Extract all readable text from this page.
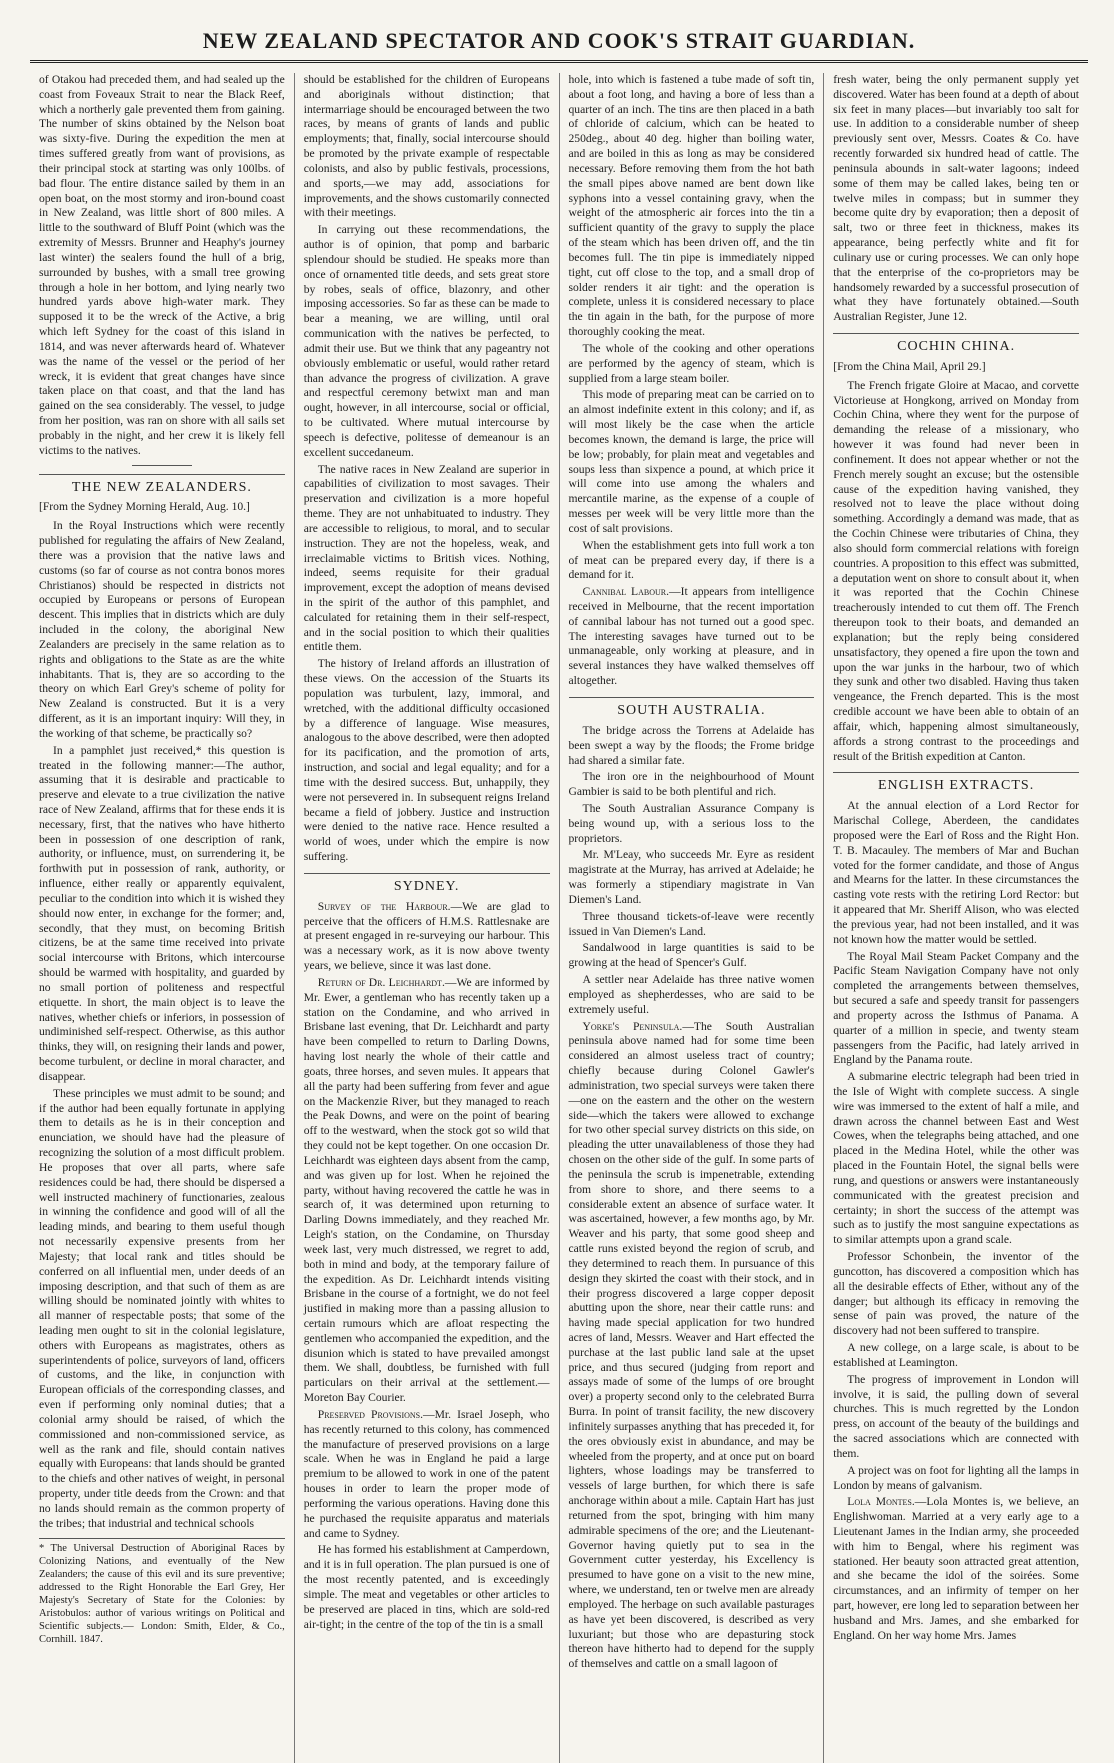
NEW ZEALAND SPECTATOR AND COOK'S STRAIT GUARDIAN.

of Otakou had preceded them, and had sealed up the coast from Foveaux Strait to near the Black Reef, which a northerly gale prevented them from gaining. The number of skins obtained by the Nelson boat was sixty-five. During the expedition the men at times suffered greatly from want of provisions, as their principal stock at starting was only 100lbs. of bad flour. The entire distance sailed by them in an open boat, on the most stormy and iron-bound coast in New Zealand, was little short of 800 miles. A little to the southward of Bluff Point (which was the extremity of Messrs. Brunner and Heaphy's journey last winter) the sealers found the hull of a brig, surrounded by bushes, with a small tree growing through a hole in her bottom, and lying nearly two hundred yards above high-water mark. They supposed it to be the wreck of the Active, a brig which left Sydney for the coast of this island in 1814, and was never afterwards heard of. Whatever was the name of the vessel or the period of her wreck, it is evident that great changes have since taken place on that coast, and that the land has gained on the sea considerably. The vessel, to judge from her position, was ran on shore with all sails set probably in the night, and her crew it is likely fell victims to the natives.

THE NEW ZEALANDERS.

[From the Sydney Morning Herald, Aug. 10.]

In the Royal Instructions which were recently published for regulating the affairs of New Zealand, there was a provision that the native laws and customs (so far of course as not contra bonos mores Christianos) should be respected in districts not occupied by Europeans or persons of European descent. This implies that in districts which are duly included in the colony, the aboriginal New Zealanders are precisely in the same relation as to rights and obligations to the State as are the white inhabitants. That is, they are so according to the theory on which Earl Grey's scheme of polity for New Zealand is constructed. But it is a very different, as it is an important inquiry: Will they, in the working of that scheme, be practically so?

In a pamphlet just received,* this question is treated in the following manner:—The author, assuming that it is desirable and practicable to preserve and elevate to a true civilization the native race of New Zealand, affirms that for these ends it is necessary, first, that the natives who have hitherto been in possession of one description of rank, authority, or influence, must, on surrendering it, be forthwith put in possession of rank, authority, or influence, either really or apparently equivalent, peculiar to the condition into which it is wished they should now enter, in exchange for the former; and, secondly, that they must, on becoming British citizens, be at the same time received into private social intercourse with Britons, which intercourse should be warmed with hospitality, and guarded by no small portion of politeness and respectful etiquette. In short, the main object is to leave the natives, whether chiefs or inferiors, in possession of undiminished self-respect. Otherwise, as this author thinks, they will, on resigning their lands and power, become turbulent, or decline in moral character, and disappear.

These principles we must admit to be sound; and if the author had been equally fortunate in applying them to details as he is in their conception and enunciation, we should have had the pleasure of recognizing the solution of a most difficult problem. He proposes that over all parts, where safe residences could be had, there should be dispersed a well instructed machinery of functionaries, zealous in winning the confidence and good will of all the leading minds, and bearing to them useful though not necessarily expensive presents from her Majesty; that local rank and titles should be conferred on all influential men, under deeds of an imposing description, and that such of them as are willing should be nominated jointly with whites to all manner of respectable posts; that some of the leading men ought to sit in the colonial legislature, others with Europeans as magistrates, others as superintendents of police, surveyors of land, officers of customs, and the like, in conjunction with European officials of the corresponding classes, and even if performing only nominal duties; that a colonial army should be raised, of which the commissioned and non-commissioned service, as well as the rank and file, should contain natives equally with Europeans: that lands should be granted to the chiefs and other natives of weight, in personal property, under title deeds from the Crown: and that no lands should remain as the common property of the tribes; that industrial and technical schools

* The Universal Destruction of Aboriginal Races by Colonizing Nations, and eventually of the New Zealanders; the cause of this evil and its sure preventive; addressed to the Right Honorable the Earl Grey, Her Majesty's Secretary of State for the Colonies: by Aristobulos: author of various writings on Political and Scientific subjects.— London: Smith, Elder, & Co., Cornhill. 1847.

should be established for the children of Europeans and aboriginals without distinction; that intermarriage should be encouraged between the two races, by means of grants of lands and public employments; that, finally, social intercourse should be promoted by the private example of respectable colonists, and also by public festivals, processions, and sports,—we may add, associations for improvements, and the shows customarily connected with their meetings.

In carrying out these recommendations, the author is of opinion, that pomp and barbaric splendour should be studied. He speaks more than once of ornamented title deeds, and sets great store by robes, seals of office, blazonry, and other imposing accessories. So far as these can be made to bear a meaning, we are willing, until oral communication with the natives be perfected, to admit their use. But we think that any pageantry not obviously emblematic or useful, would rather retard than advance the progress of civilization. A grave and respectful ceremony betwixt man and man ought, however, in all intercourse, social or official, to be cultivated. Where mutual intercourse by speech is defective, politesse of demeanour is an excellent succedaneum.

The native races in New Zealand are superior in capabilities of civilization to most savages. Their preservation and civilization is a more hopeful theme. They are not unhabituated to industry. They are accessible to religious, to moral, and to secular instruction. They are not the hopeless, weak, and irreclaimable victims to British vices. Nothing, indeed, seems requisite for their gradual improvement, except the adoption of means devised in the spirit of the author of this pamphlet, and calculated for retaining them in their self-respect, and in the social position to which their qualities entitle them.

The history of Ireland affords an illustration of these views. On the accession of the Stuarts its population was turbulent, lazy, immoral, and wretched, with the additional difficulty occasioned by a difference of language. Wise measures, analogous to the above described, were then adopted for its pacification, and the promotion of arts, instruction, and social and legal equality; and for a time with the desired success. But, unhappily, they were not persevered in. In subsequent reigns Ireland became a field of jobbery. Justice and instruction were denied to the native race. Hence resulted a world of woes, under which the empire is now suffering.

SYDNEY.

Survey of the Harbour.—We are glad to perceive that the officers of H.M.S. Rattlesnake are at present engaged in re-surveying our harbour. This was a necessary work, as it is now above twenty years, we believe, since it was last done.

Return of Dr. Leichhardt.—We are informed by Mr. Ewer, a gentleman who has recently taken up a station on the Condamine, and who arrived in Brisbane last evening, that Dr. Leichhardt and party have been compelled to return to Darling Downs, having lost nearly the whole of their cattle and goats, three horses, and seven mules. It appears that all the party had been suffering from fever and ague on the Mackenzie River, but they managed to reach the Peak Downs, and were on the point of bearing off to the westward, when the stock got so wild that they could not be kept together. On one occasion Dr. Leichhardt was eighteen days absent from the camp, and was given up for lost. When he rejoined the party, without having recovered the cattle he was in search of, it was determined upon returning to Darling Downs immediately, and they reached Mr. Leigh's station, on the Condamine, on Thursday week last, very much distressed, we regret to add, both in mind and body, at the temporary failure of the expedition. As Dr. Leichhardt intends visiting Brisbane in the course of a fortnight, we do not feel justified in making more than a passing allusion to certain rumours which are afloat respecting the gentlemen who accompanied the expedition, and the disunion which is stated to have prevailed amongst them. We shall, doubtless, be furnished with full particulars on their arrival at the settlement.—Moreton Bay Courier.

Preserved Provisions.—Mr. Israel Joseph, who has recently returned to this colony, has commenced the manufacture of preserved provisions on a large scale. When he was in England he paid a large premium to be allowed to work in one of the patent houses in order to learn the proper mode of performing the various operations. Having done this he purchased the requisite apparatus and materials and came to Sydney.

He has formed his establishment at Camperdown, and it is in full operation. The plan pursued is one of the most recently patented, and is exceedingly simple. The meat and vegetables or other articles to be preserved are placed in tins, which are sold-red air-tight; in the centre of the top of the tin is a small

hole, into which is fastened a tube made of soft tin, about a foot long, and having a bore of less than a quarter of an inch. The tins are then placed in a bath of chloride of calcium, which can be heated to 250deg., about 40 deg. higher than boiling water, and are boiled in this as long as may be considered necessary. Before removing them from the hot bath the small pipes above named are bent down like syphons into a vessel containing gravy, when the weight of the atmospheric air forces into the tin a sufficient quantity of the gravy to supply the place of the steam which has been driven off, and the tin becomes full. The tin pipe is immediately nipped tight, cut off close to the top, and a small drop of solder renders it air tight: and the operation is complete, unless it is considered necessary to place the tin again in the bath, for the purpose of more thoroughly cooking the meat.

The whole of the cooking and other operations are performed by the agency of steam, which is supplied from a large steam boiler.

This mode of preparing meat can be carried on to an almost indefinite extent in this colony; and if, as will most likely be the case when the article becomes known, the demand is large, the price will be low; probably, for plain meat and vegetables and soups less than sixpence a pound, at which price it will come into use among the whalers and mercantile marine, as the expense of a couple of messes per week will be very little more than the cost of salt provisions.

When the establishment gets into full work a ton of meat can be prepared every day, if there is a demand for it.

Cannibal Labour.—It appears from intelligence received in Melbourne, that the recent importation of cannibal labour has not turned out a good spec. The interesting savages have turned out to be unmanageable, only working at pleasure, and in several instances they have walked themselves off altogether.

SOUTH AUSTRALIA.

The bridge across the Torrens at Adelaide has been swept a way by the floods; the Frome bridge had shared a similar fate.

The iron ore in the neighbourhood of Mount Gambier is said to be both plentiful and rich.

The South Australian Assurance Company is being wound up, with a serious loss to the proprietors.

Mr. M'Leay, who succeeds Mr. Eyre as resident magistrate at the Murray, has arrived at Adelaide; he was formerly a stipendiary magistrate in Van Diemen's Land.

Three thousand tickets-of-leave were recently issued in Van Diemen's Land.

Sandalwood in large quantities is said to be growing at the head of Spencer's Gulf.

A settler near Adelaide has three native women employed as shepherdesses, who are said to be extremely useful.

Yorke's Peninsula.—The South Australian peninsula above named had for some time been considered an almost useless tract of country; chiefly because during Colonel Gawler's administration, two special surveys were taken there—one on the eastern and the other on the western side—which the takers were allowed to exchange for two other special survey districts on this side, on pleading the utter unavailableness of those they had chosen on the other side of the gulf. In some parts of the peninsula the scrub is impenetrable, extending from shore to shore, and there seems to a considerable extent an absence of surface water. It was ascertained, however, a few months ago, by Mr. Weaver and his party, that some good sheep and cattle runs existed beyond the region of scrub, and they determined to reach them. In pursuance of this design they skirted the coast with their stock, and in their progress discovered a large copper deposit abutting upon the shore, near their cattle runs: and having made special application for two hundred acres of land, Messrs. Weaver and Hart effected the purchase at the last public land sale at the upset price, and thus secured (judging from report and assays made of some of the lumps of ore brought over) a property second only to the celebrated Burra Burra. In point of transit facility, the new discovery infinitely surpasses anything that has preceded it, for the ores obviously exist in abundance, and may be wheeled from the property, and at once put on board lighters, whose loadings may be transferred to vessels of large burthen, for which there is safe anchorage within about a mile. Captain Hart has just returned from the spot, bringing with him many admirable specimens of the ore; and the Lieutenant-Governor having quietly put to sea in the Government cutter yesterday, his Excellency is presumed to have gone on a visit to the new mine, where, we understand, ten or twelve men are already employed. The herbage on such available pasturages as have yet been discovered, is described as very luxuriant; but those who are depasturing stock thereon have hitherto had to depend for the supply of themselves and cattle on a small lagoon of

fresh water, being the only permanent supply yet discovered. Water has been found at a depth of about six feet in many places—but invariably too salt for use. In addition to a considerable number of sheep previously sent over, Messrs. Coates & Co. have recently forwarded six hundred head of cattle. The peninsula abounds in salt-water lagoons; indeed some of them may be called lakes, being ten or twelve miles in compass; but in summer they become quite dry by evaporation; then a deposit of salt, two or three feet in thickness, makes its appearance, being perfectly white and fit for culinary use or curing processes. We can only hope that the enterprise of the co-proprietors may be handsomely rewarded by a successful prosecution of what they have fortunately obtained.—South Australian Register, June 12.

COCHIN CHINA.

[From the China Mail, April 29.]

The French frigate Gloire at Macao, and corvette Victorieuse at Hongkong, arrived on Monday from Cochin China, where they went for the purpose of demanding the release of a missionary, who however it was found had never been in confinement. It does not appear whether or not the French merely sought an excuse; but the ostensible cause of the expedition having vanished, they resolved not to leave the place without doing something. Accordingly a demand was made, that as the Cochin Chinese were tributaries of China, they also should form commercial relations with foreign countries. A proposition to this effect was submitted, a deputation went on shore to consult about it, when it was reported that the Cochin Chinese treacherously intended to cut them off. The French thereupon took to their boats, and demanded an explanation; but the reply being considered unsatisfactory, they opened a fire upon the town and upon the war junks in the harbour, two of which they sunk and other two disabled. Having thus taken vengeance, the French departed. This is the most credible account we have been able to obtain of an affair, which, happening almost simultaneously, affords a strong contrast to the proceedings and result of the British expedition at Canton.

ENGLISH EXTRACTS.

At the annual election of a Lord Rector for Marischal College, Aberdeen, the candidates proposed were the Earl of Ross and the Right Hon. T. B. Macauley. The members of Mar and Buchan voted for the former candidate, and those of Angus and Mearns for the latter. In these circumstances the casting vote rests with the retiring Lord Rector: but it appeared that Mr. Sheriff Alison, who was elected the previous year, had not been installed, and it was not known how the matter would be settled.

The Royal Mail Steam Packet Company and the Pacific Steam Navigation Company have not only completed the arrangements between themselves, but secured a safe and speedy transit for passengers and property across the Isthmus of Panama. A quarter of a million in specie, and twenty steam passengers from the Pacific, had lately arrived in England by the Panama route.

A submarine electric telegraph had been tried in the Isle of Wight with complete success. A single wire was immersed to the extent of half a mile, and drawn across the channel between East and West Cowes, when the telegraphs being attached, and one placed in the Medina Hotel, while the other was placed in the Fountain Hotel, the signal bells were rung, and questions or answers were instantaneously communicated with the greatest precision and certainty; in short the success of the attempt was such as to justify the most sanguine expectations as to similar attempts upon a grand scale.

Professor Schonbein, the inventor of the guncotton, has discovered a composition which has all the desirable effects of Ether, without any of the danger; but although its efficacy in removing the sense of pain was proved, the nature of the discovery had not been suffered to transpire.

A new college, on a large scale, is about to be established at Leamington.

The progress of improvement in London will involve, it is said, the pulling down of several churches. This is much regretted by the London press, on account of the beauty of the buildings and the sacred associations which are connected with them.

A project was on foot for lighting all the lamps in London by means of galvanism.

Lola Montes.—Lola Montes is, we believe, an Englishwoman. Married at a very early age to a Lieutenant James in the Indian army, she proceeded with him to Bengal, where his regiment was stationed. Her beauty soon attracted great attention, and she became the idol of the soirées. Some circumstances, and an infirmity of temper on her part, however, ere long led to separation between her husband and Mrs. James, and she embarked for England. On her way home Mrs. James
